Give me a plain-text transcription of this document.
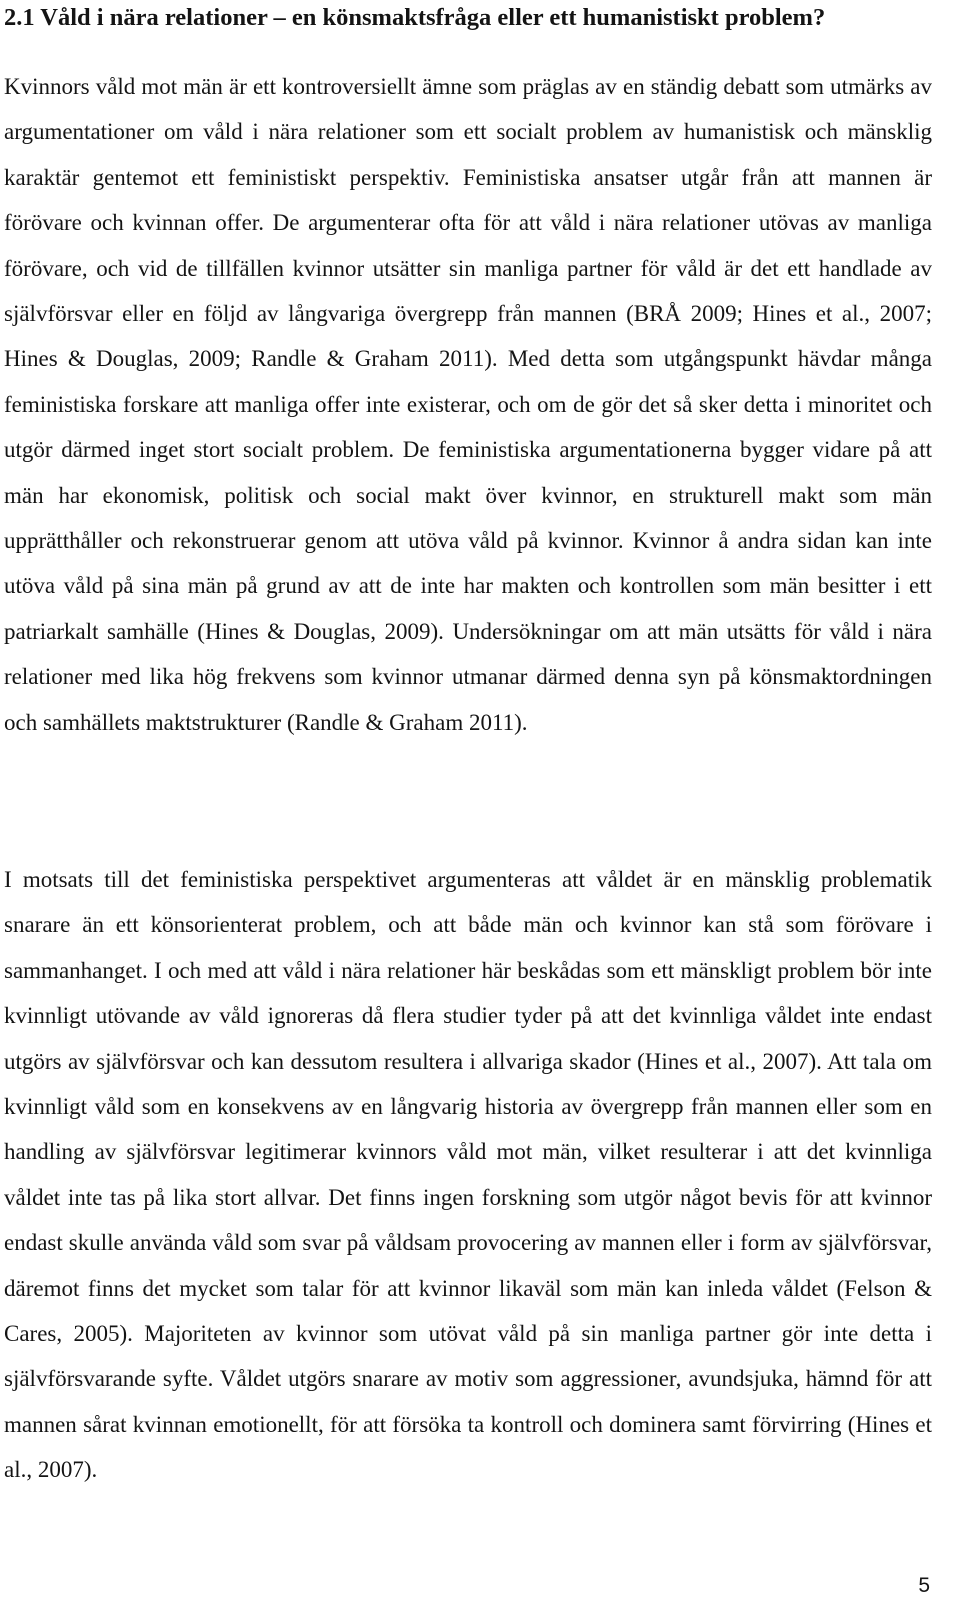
2.1 Våld i nära relationer – en könsmaktsfråga eller ett humanistiskt problem?

Kvinnors våld mot män är ett kontroversiellt ämne som präglas av en ständig debatt som utmärks av argumentationer om våld i nära relationer som ett socialt problem av humanistisk och mänsklig karaktär gentemot ett feministiskt perspektiv. Feministiska ansatser utgår från att mannen är förövare och kvinnan offer. De argumenterar ofta för att våld i nära relationer utövas av manliga förövare, och vid de tillfällen kvinnor utsätter sin manliga partner för våld är det ett handlade av självförsvar eller en följd av långvariga övergrepp från mannen (BRÅ 2009; Hines et al., 2007; Hines & Douglas, 2009; Randle & Graham 2011). Med detta som utgångspunkt hävdar många feministiska forskare att manliga offer inte existerar, och om de gör det så sker detta i minoritet och utgör därmed inget stort socialt problem. De feministiska argumentationerna bygger vidare på att män har ekonomisk, politisk och social makt över kvinnor, en strukturell makt som män upprätthåller och rekonstruerar genom att utöva våld på kvinnor. Kvinnor å andra sidan kan inte utöva våld på sina män på grund av att de inte har makten och kontrollen som män besitter i ett patriarkalt samhälle (Hines & Douglas, 2009). Undersökningar om att män utsätts för våld i nära relationer med lika hög frekvens som kvinnor utmanar därmed denna syn på könsmaktordningen och samhällets maktstrukturer (Randle & Graham 2011).

I motsats till det feministiska perspektivet argumenteras att våldet är en mänsklig problematik snarare än ett könsorienterat problem, och att både män och kvinnor kan stå som förövare i sammanhanget. I och med att våld i nära relationer här beskådas som ett mänskligt problem bör inte kvinnligt utövande av våld ignoreras då flera studier tyder på att det kvinnliga våldet inte endast utgörs av självförsvar och kan dessutom resultera i allvariga skador (Hines et al., 2007). Att tala om kvinnligt våld som en konsekvens av en långvarig historia av övergrepp från mannen eller som en handling av självförsvar legitimerar kvinnors våld mot män, vilket resulterar i att det kvinnliga våldet inte tas på lika stort allvar. Det finns ingen forskning som utgör något bevis för att kvinnor endast skulle använda våld som svar på våldsam provocering av mannen eller i form av självförsvar, däremot finns det mycket som talar för att kvinnor likaväl som män kan inleda våldet (Felson & Cares, 2005). Majoriteten av kvinnor som utövat våld på sin manliga partner gör inte detta i självförsvarande syfte. Våldet utgörs snarare av motiv som aggressioner, avundsjuka, hämnd för att mannen sårat kvinnan emotionellt, för att försöka ta kontroll och dominera samt förvirring (Hines et al., 2007).

5
